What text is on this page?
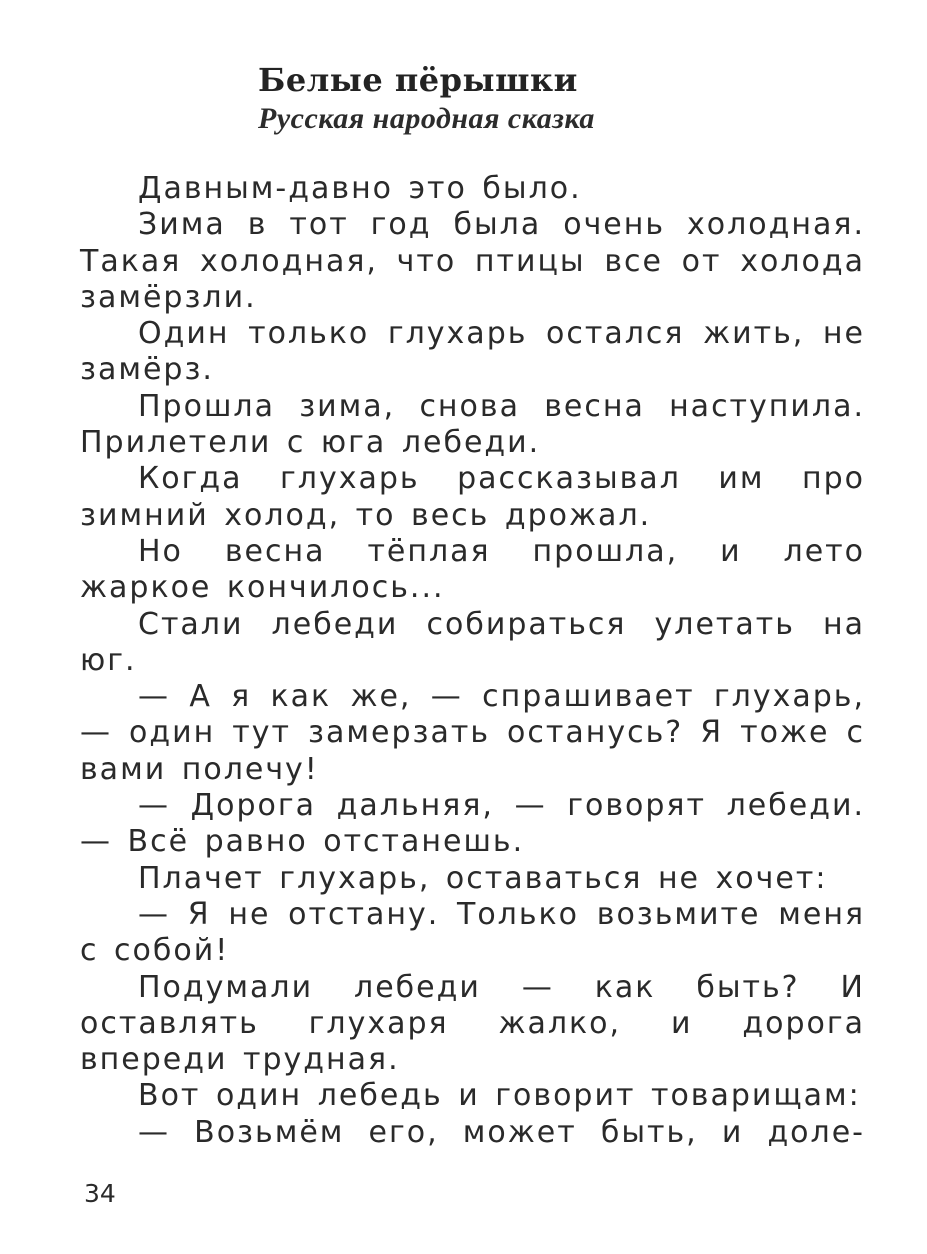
Белые пёрышки
Русская народная сказка

Давным-давно это было.

Зима в тот год была очень холодная. Такая холодная, что птицы все от холода замёрзли.

Один только глухарь остался жить, не замёрз.

Прошла зима, снова весна наступила. Прилетели с юга лебеди.

Когда глухарь рассказывал им про зимний холод, то весь дрожал.

Но весна тёплая прошла, и лето жаркое кончилось...

Стали лебеди собираться улетать на юг.

— А я как же, — спрашивает глухарь, — один тут замерзать останусь? Я тоже с вами полечу!

— Дорога дальняя, — говорят лебеди. — Всё равно отстанешь.

Плачет глухарь, оставаться не хочет:

— Я не отстану. Только возьмите меня с собой!

Подумали лебеди — как быть? И оставлять глухаря жалко, и дорога впереди трудная.

Вот один лебедь и говорит товарищам:

— Возьмём его, может быть, и доле-

34
